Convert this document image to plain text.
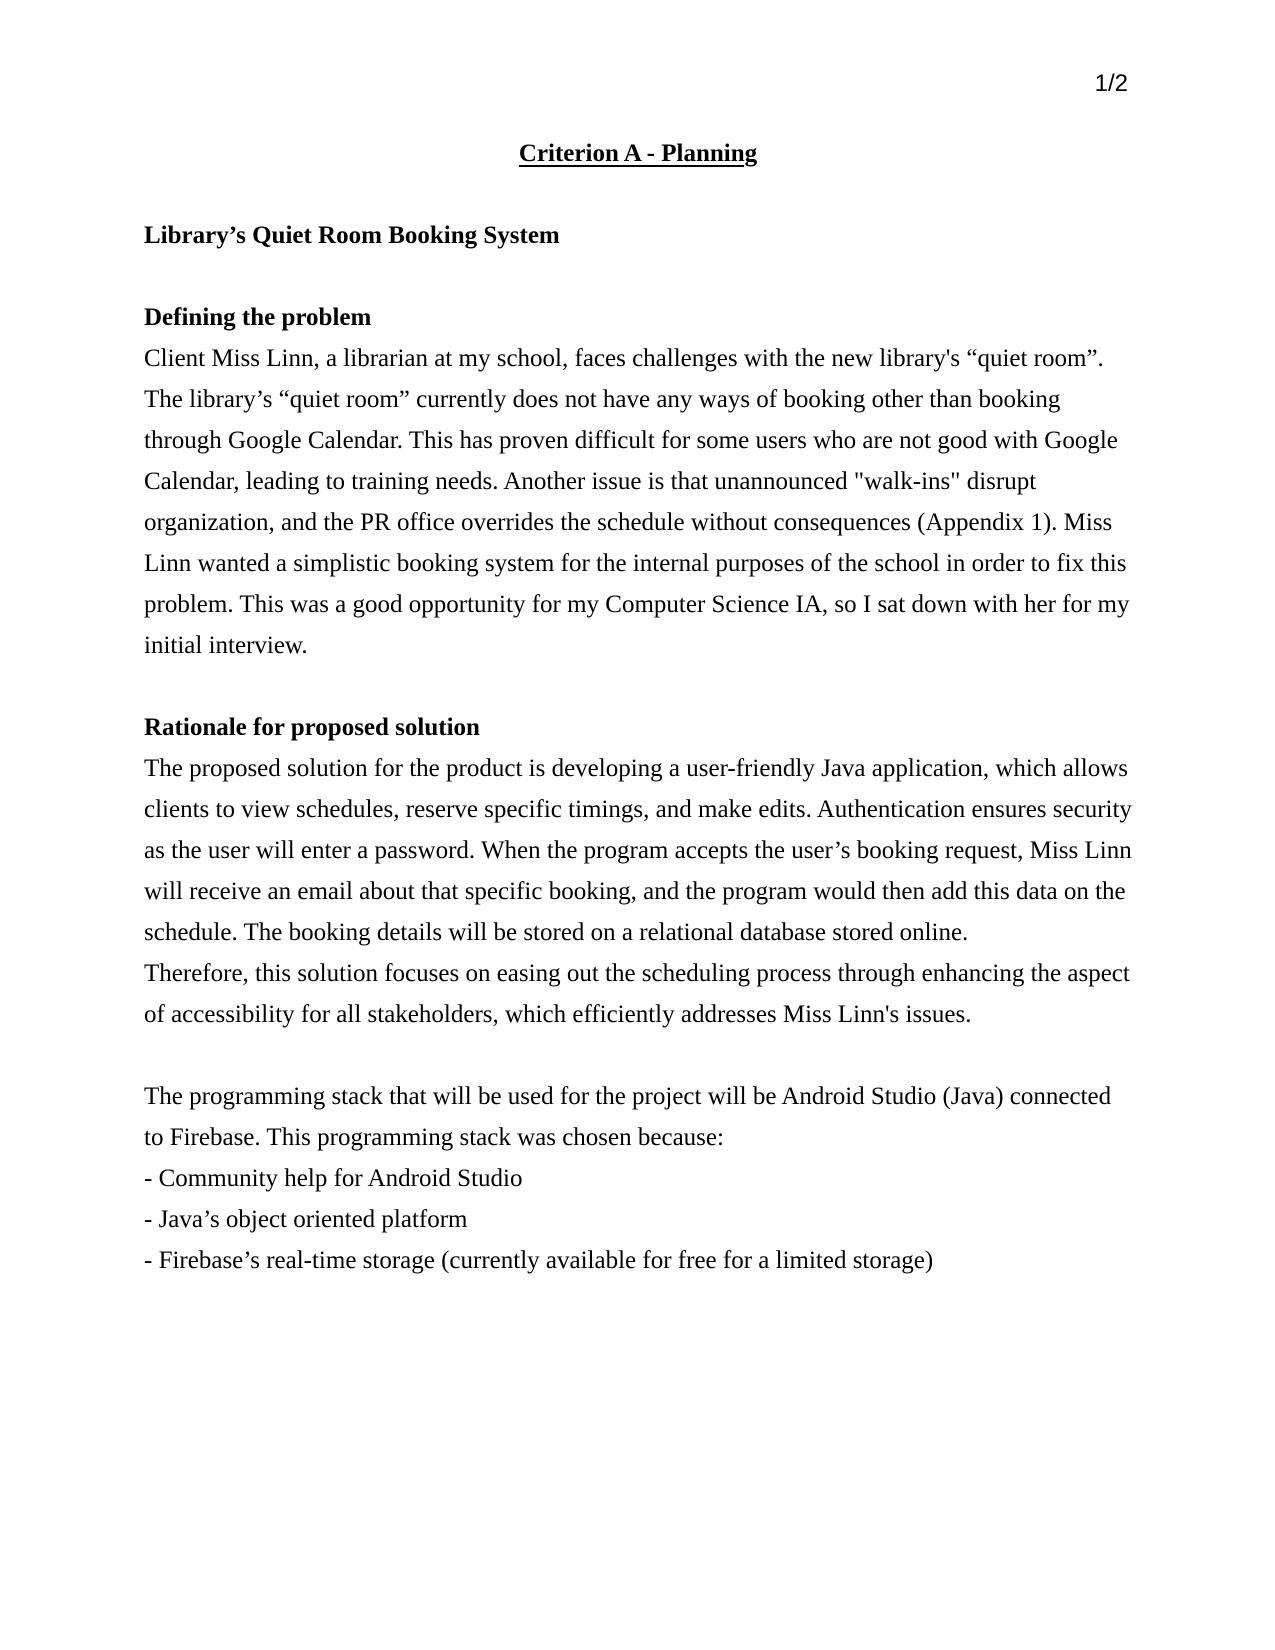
1/2
Criterion A - Planning
Library’s Quiet Room Booking System
Defining the problem

Client Miss Linn, a librarian at my school, faces challenges with the new library's “quiet room”. The library’s “quiet room” currently does not have any ways of booking other than booking through Google Calendar. This has proven difficult for some users who are not good with Google Calendar, leading to training needs. Another issue is that unannounced "walk-ins" disrupt organization, and the PR office overrides the schedule without consequences (Appendix 1). Miss Linn wanted a simplistic booking system for the internal purposes of the school in order to fix this problem. This was a good opportunity for my Computer Science IA, so I sat down with her for my initial interview.

Rationale for proposed solution

The proposed solution for the product is developing a user-friendly Java application, which allows clients to view schedules, reserve specific timings, and make edits. Authentication ensures security as the user will enter a password. When the program accepts the user’s booking request, Miss Linn will receive an email about that specific booking, and the program would then add this data on the schedule. The booking details will be stored on a relational database stored online.

Therefore, this solution focuses on easing out the scheduling process through enhancing the aspect of accessibility for all stakeholders, which efficiently addresses Miss Linn's issues.

The programming stack that will be used for the project will be Android Studio (Java) connected to Firebase. This programming stack was chosen because:

- Community help for Android Studio

- Java’s object oriented platform

- Firebase’s real-time storage (currently available for free for a limited storage)
